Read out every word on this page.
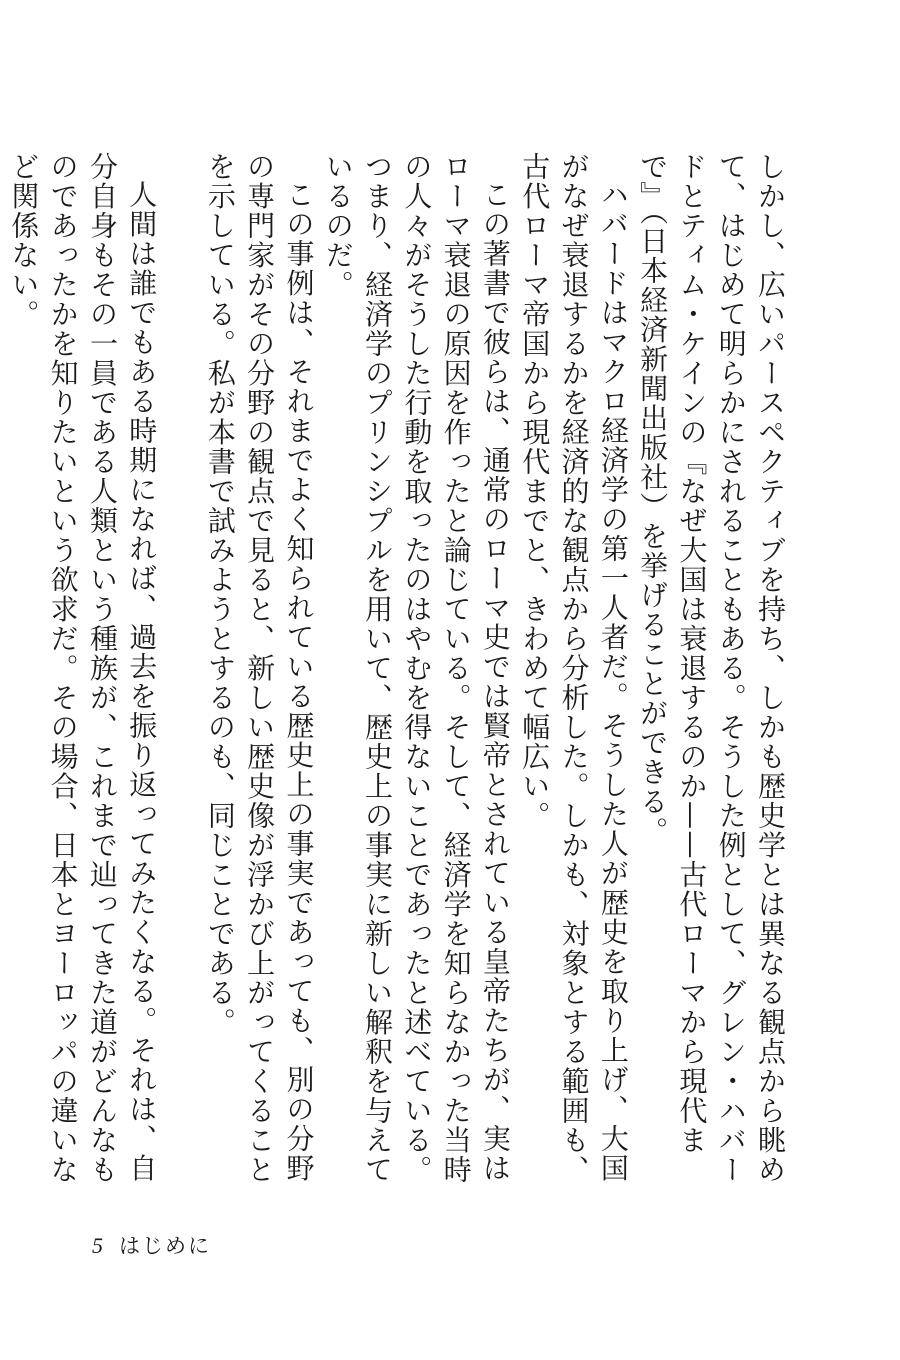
しかし、広いパースペクティブを持ち、しかも歴史学とは異なる観点から眺めて、はじめて明らかにされることもある。そうした例として、グレン・ハバードとティム・ケインの『なぜ大国は衰退するのか——古代ローマから現代まで』（日本経済新聞出版社）を挙げることができる。

ハバードはマクロ経済学の第一人者だ。そうした人が歴史を取り上げ、大国がなぜ衰退するかを経済的な観点から分析した。しかも、対象とする範囲も、古代ローマ帝国から現代までと、きわめて幅広い。

この著書で彼らは、通常のローマ史では賢帝とされている皇帝たちが、実はローマ衰退の原因を作ったと論じている。そして、経済学を知らなかった当時の人々がそうした行動を取ったのはやむを得ないことであったと述べている。つまり、経済学のプリンシプルを用いて、歴史上の事実に新しい解釈を与えているのだ。

この事例は、それまでよく知られている歴史上の事実であっても、別の分野の専門家がその分野の観点で見ると、新しい歴史像が浮かび上がってくることを示している。私が本書で試みようとするのも、同じことである。

人間は誰でもある時期になれば、過去を振り返ってみたくなる。それは、自分自身もその一員である人類という種族が、これまで辿ってきた道がどんなものであったかを知りたいという欲求だ。その場合、日本とヨーロッパの違いなど関係ない。

5 はじめに
